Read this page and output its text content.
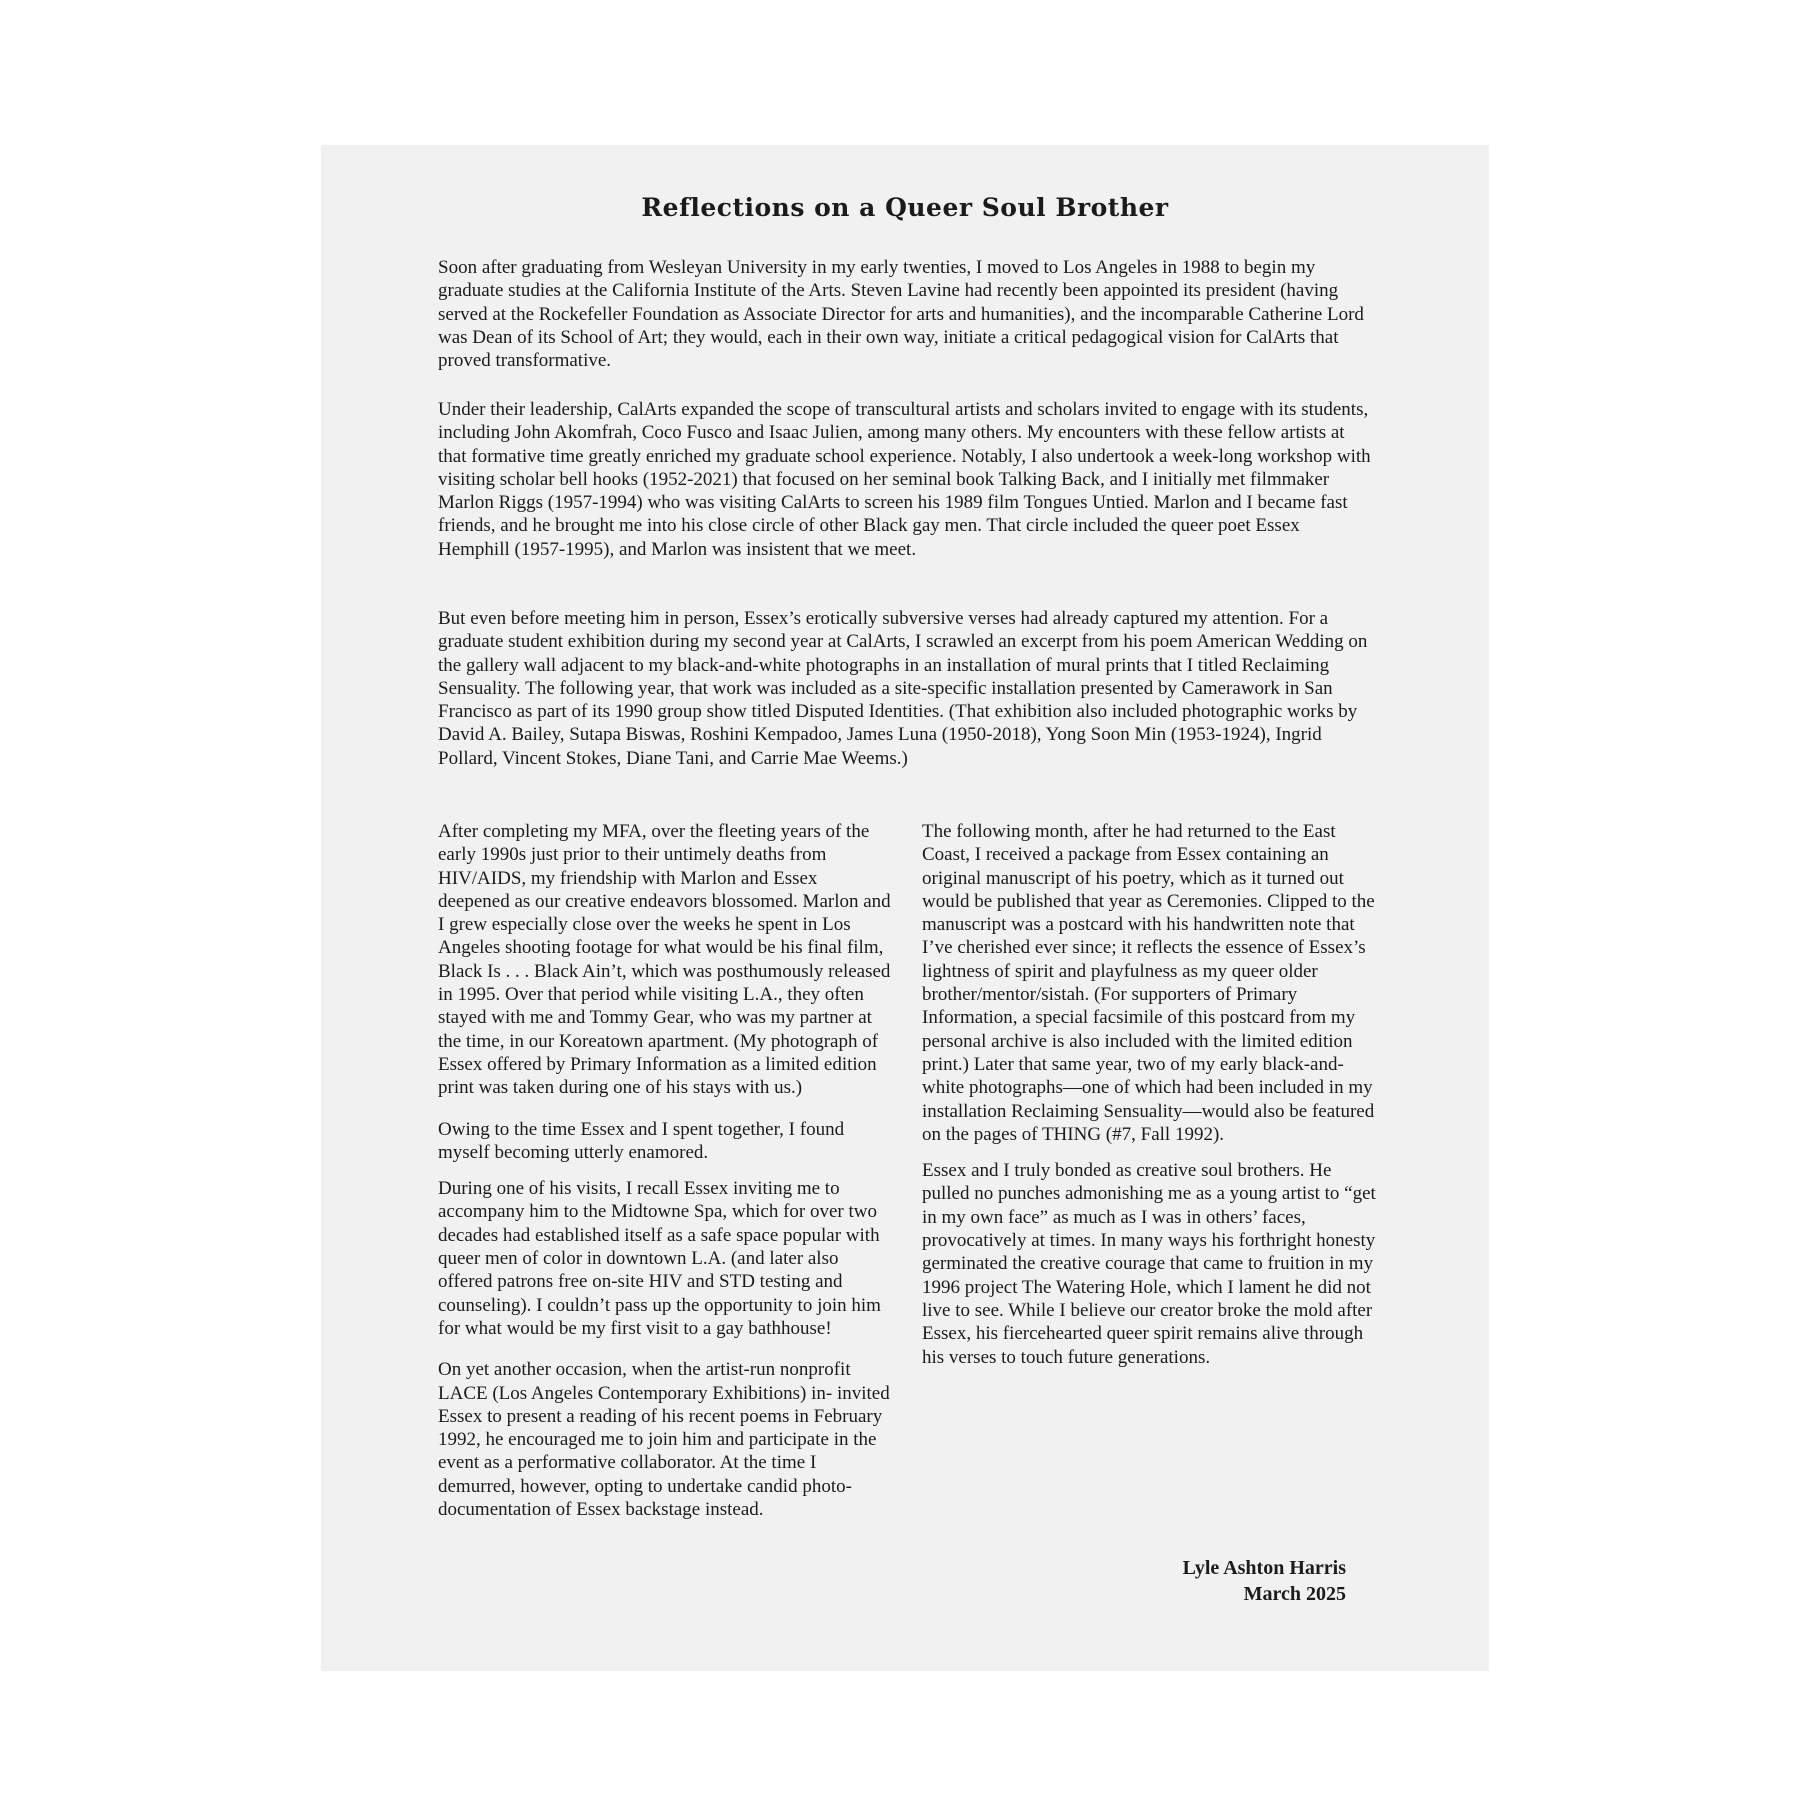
Reflections on a Queer Soul Brother

Soon after graduating from Wesleyan University in my early twenties, I moved to Los Angeles in 1988 to begin my graduate studies at the California Institute of the Arts. Steven Lavine had recently been appointed its president (having served at the Rockefeller Foundation as Associate Director for arts and humanities), and the incomparable Catherine Lord was Dean of its School of Art; they would, each in their own way, initiate a critical pedagogical vision for CalArts that proved transformative.

Under their leadership, CalArts expanded the scope of transcultural artists and scholars invited to engage with its students, including John Akomfrah, Coco Fusco and Isaac Julien, among many others. My encounters with these fellow artists at that formative time greatly enriched my graduate school experience. Notably, I also undertook a week-long workshop with visiting scholar bell hooks (1952-2021) that focused on her seminal book Talking Back, and I initially met filmmaker Marlon Riggs (1957-1994) who was visiting CalArts to screen his 1989 film Tongues Untied. Marlon and I became fast friends, and he brought me into his close circle of other Black gay men. That circle included the queer poet Essex Hemphill (1957-1995), and Marlon was insistent that we meet.

But even before meeting him in person, Essex’s erotically subversive verses had already captured my attention. For a graduate student exhibition during my second year at CalArts, I scrawled an excerpt from his poem American Wedding on the gallery wall adjacent to my black-and-white photographs in an installation of mural prints that I titled Reclaiming Sensuality. The following year, that work was included as a site-specific installation presented by Camerawork in San Francisco as part of its 1990 group show titled Disputed Identities. (That exhibition also included photographic works by David A. Bailey, Sutapa Biswas, Roshini Kempadoo, James Luna (1950-2018), Yong Soon Min (1953-1924), Ingrid Pollard, Vincent Stokes, Diane Tani, and Carrie Mae Weems.)

After completing my MFA, over the fleeting years of the early 1990s just prior to their untimely deaths from HIV/AIDS, my friendship with Marlon and Essex deepened as our creative endeavors blossomed. Marlon and I grew especially close over the weeks he spent in Los Angeles shooting footage for what would be his final film, Black Is . . . Black Ain’t, which was posthumously released in 1995. Over that period while visiting L.A., they often stayed with me and Tommy Gear, who was my partner at the time, in our Koreatown apartment. (My photograph of Essex offered by Primary Information as a limited edition print was taken during one of his stays with us.)

Owing to the time Essex and I spent together, I found myself becoming utterly enamored.

During one of his visits, I recall Essex inviting me to accompany him to the Midtowne Spa, which for over two decades had established itself as a safe space popular with queer men of color in downtown L.A. (and later also offered patrons free on-site HIV and STD testing and counseling). I couldn’t pass up the opportunity to join him for what would be my first visit to a gay bathhouse!

On yet another occasion, when the artist-run nonprofit LACE (Los Angeles Contemporary Exhibitions) in- invited Essex to present a reading of his recent poems in February 1992, he encouraged me to join him and participate in the event as a performative collaborator. At the time I demurred, however, opting to undertake candid photo-documentation of Essex backstage instead.

The following month, after he had returned to the East Coast, I received a package from Essex containing an original manuscript of his poetry, which as it turned out would be published that year as Ceremonies. Clipped to the manuscript was a postcard with his handwritten note that I’ve cherished ever since; it reflects the essence of Essex’s lightness of spirit and playfulness as my queer older brother/mentor/sistah. (For supporters of Primary Information, a special facsimile of this postcard from my personal archive is also included with the limited edition print.) Later that same year, two of my early black-and-white photographs—one of which had been included in my installation Reclaiming Sensuality—would also be featured on the pages of THING (#7, Fall 1992).

Essex and I truly bonded as creative soul brothers. He pulled no punches admonishing me as a young artist to “get in my own face” as much as I was in others’ faces, provocatively at times. In many ways his forthright honesty germinated the creative courage that came to fruition in my 1996 project The Watering Hole, which I lament he did not live to see. While I believe our creator broke the mold after Essex, his fiercehearted queer spirit remains alive through his verses to touch future generations.

Lyle Ashton Harris
March 2025
